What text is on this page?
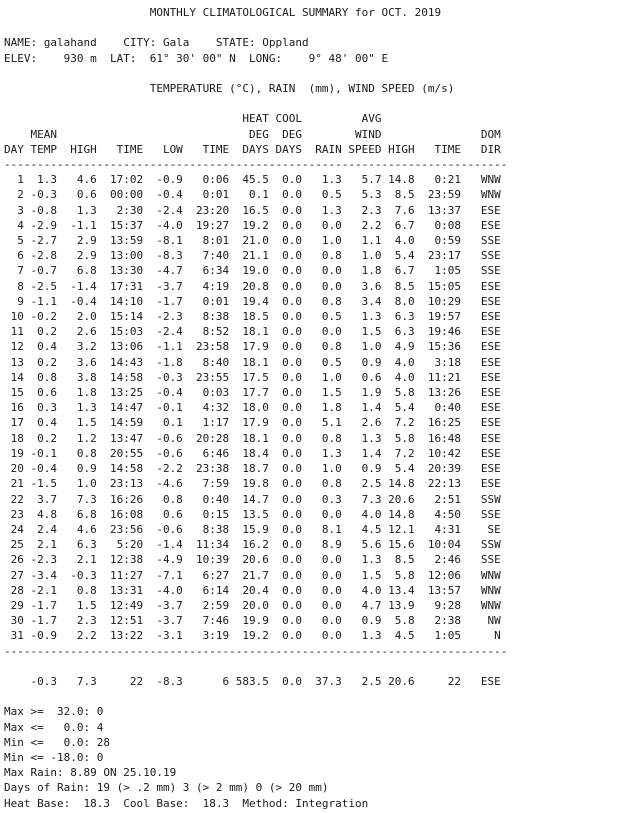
MONTHLY CLIMATOLOGICAL SUMMARY for OCT. 2019

NAME: galahand    CITY: Gala    STATE: Oppland
ELEV:    930 m  LAT:  61° 30' 00" N  LONG:    9° 48' 00" E

TEMPERATURE (°C), RAIN  (mm), WIND SPEED (m/s)

HEAT COOL         AVG
MEAN                             DEG  DEG        WIND               DOM
DAY TEMP  HIGH   TIME   LOW   TIME  DAYS DAYS  RAIN SPEED HIGH   TIME   DIR
----------------------------------------------------------------------------
1  1.3   4.6  17:02  -0.9   0:06  45.5  0.0   1.3   5.7 14.8   0:21   WNW
2 -0.3   0.6  00:00  -0.4   0:01   0.1  0.0   0.5   5.3  8.5  23:59   WNW
3 -0.8   1.3   2:30  -2.4  23:20  16.5  0.0   1.3   2.3  7.6  13:37   ESE
4 -2.9  -1.1  15:37  -4.0  19:27  19.2  0.0   0.0   2.2  6.7   0:08   ESE
5 -2.7   2.9  13:59  -8.1   8:01  21.0  0.0   1.0   1.1  4.0   0:59   SSE
6 -2.8   2.9  13:00  -8.3   7:40  21.1  0.0   0.8   1.0  5.4  23:17   SSE
7 -0.7   6.8  13:30  -4.7   6:34  19.0  0.0   0.0   1.8  6.7   1:05   SSE
8 -2.5  -1.4  17:31  -3.7   4:19  20.8  0.0   0.0   3.6  8.5  15:05   ESE
9 -1.1  -0.4  14:10  -1.7   0:01  19.4  0.0   0.8   3.4  8.0  10:29   ESE
10 -0.2   2.0  15:14  -2.3   8:38  18.5  0.0   0.5   1.3  6.3  19:57   ESE
11  0.2   2.6  15:03  -2.4   8:52  18.1  0.0   0.0   1.5  6.3  19:46   ESE
12  0.4   3.2  13:06  -1.1  23:58  17.9  0.0   0.8   1.0  4.9  15:36   ESE
13  0.2   3.6  14:43  -1.8   8:40  18.1  0.0   0.5   0.9  4.0   3:18   ESE
14  0.8   3.8  14:58  -0.3  23:55  17.5  0.0   1.0   0.6  4.0  11:21   ESE
15  0.6   1.8  13:25  -0.4   0:03  17.7  0.0   1.5   1.9  5.8  13:26   ESE
16  0.3   1.3  14:47  -0.1   4:32  18.0  0.0   1.8   1.4  5.4   0:40   ESE
17  0.4   1.5  14:59   0.1   1:17  17.9  0.0   5.1   2.6  7.2  16:25   ESE
18  0.2   1.2  13:47  -0.6  20:28  18.1  0.0   0.8   1.3  5.8  16:48   ESE
19 -0.1   0.8  20:55  -0.6   6:46  18.4  0.0   1.3   1.4  7.2  10:42   ESE
20 -0.4   0.9  14:58  -2.2  23:38  18.7  0.0   1.0   0.9  5.4  20:39   ESE
21 -1.5   1.0  23:13  -4.6   7:59  19.8  0.0   0.8   2.5 14.8  22:13   ESE
22  3.7   7.3  16:26   0.8   0:40  14.7  0.0   0.3   7.3 20.6   2:51   SSW
23  4.8   6.8  16:08   0.6   0:15  13.5  0.0   0.0   4.0 14.8   4:50   SSE
24  2.4   4.6  23:56  -0.6   8:38  15.9  0.0   8.1   4.5 12.1   4:31    SE
25  2.1   6.3   5:20  -1.4  11:34  16.2  0.0   8.9   5.6 15.6  10:04   SSW
26 -2.3   2.1  12:38  -4.9  10:39  20.6  0.0   0.0   1.3  8.5   2:46   SSE
27 -3.4  -0.3  11:27  -7.1   6:27  21.7  0.0   0.0   1.5  5.8  12:06   WNW
28 -2.1   0.8  13:31  -4.0   6:14  20.4  0.0   0.0   4.0 13.4  13:57   WNW
29 -1.7   1.5  12:49  -3.7   2:59  20.0  0.0   0.0   4.7 13.9   9:28   WNW
30 -1.7   2.3  12:51  -3.7   7:46  19.9  0.0   0.0   0.9  5.8   2:38    NW
31 -0.9   2.2  13:22  -3.1   3:19  19.2  0.0   0.0   1.3  4.5   1:05     N
----------------------------------------------------------------------------

-0.3   7.3     22  -8.3      6 583.5  0.0  37.3   2.5 20.6     22   ESE

Max >=  32.0: 0
Max <=   0.0: 4
Min <=   0.0: 28
Min <= -18.0: 0
Max Rain: 8.89 ON 25.10.19
Days of Rain: 19 (> .2 mm) 3 (> 2 mm) 0 (> 20 mm)
Heat Base:  18.3  Cool Base:  18.3  Method: Integration
